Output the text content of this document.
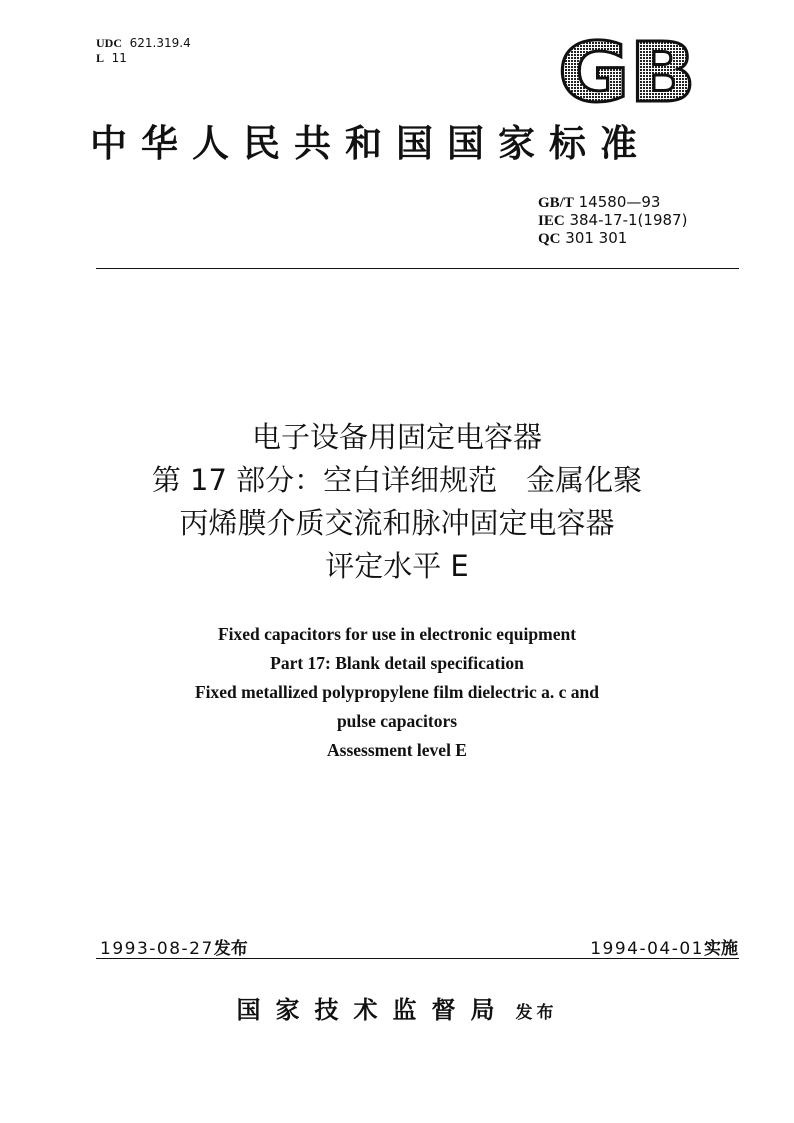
UDC 621.319.4
L 11	GB
中华人民共和国国家标准
GB/T 14580—93
IEC 384-17-1(1987)
QC 301 301
电子设备用固定电容器
第 17 部分：空白详细规范　金属化聚
丙烯膜介质交流和脉冲固定电容器
评定水平 E
Fixed capacitors for use in electronic equipment
Part 17: Blank detail specification
Fixed metallized polypropylene film dielectric a. c and
pulse capacitors
Assessment level E
1993-08-27发布	1994-04-01实施
国家技术监督局 发布
